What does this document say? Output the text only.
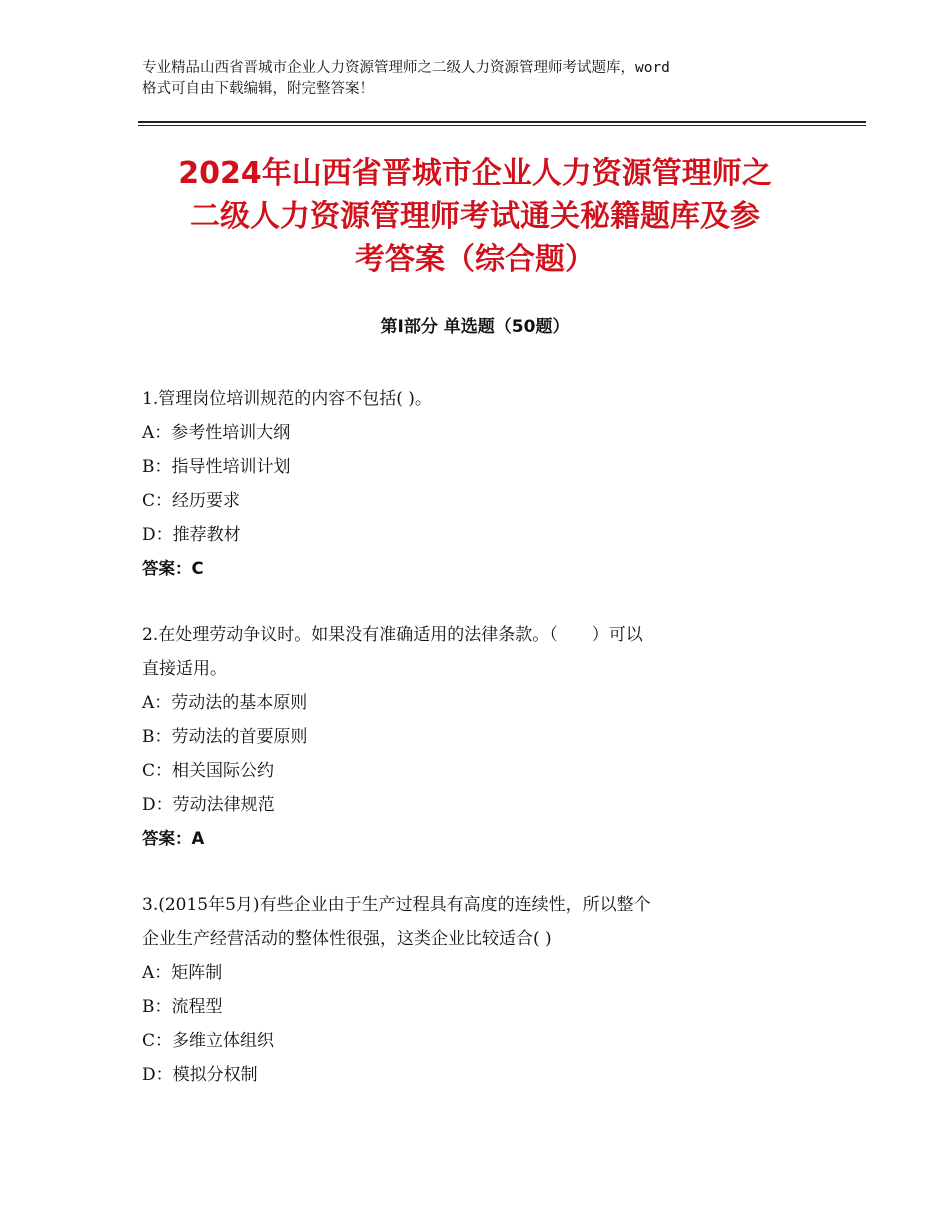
专业精品山西省晋城市企业人力资源管理师之二级人力资源管理师考试题库，word
格式可自由下载编辑，附完整答案！
2024年山西省晋城市企业人力资源管理师之
二级人力资源管理师考试通关秘籍题库及参
考答案（综合题）
第Ⅰ部分 单选题（50题）
1.管理岗位培训规范的内容不包括( )。
A：参考性培训大纲
B：指导性培训计划
C：经历要求
D：推荐教材
答案：C
2.在处理劳动争议时。如果没有准确适用的法律条款。（　　）可以
直接适用。
A：劳动法的基本原则
B：劳动法的首要原则
C：相关国际公约
D：劳动法律规范
答案：A
3.(2015年5月)有些企业由于生产过程具有高度的连续性，所以整个
企业生产经营活动的整体性很强，这类企业比较适合( )
A：矩阵制
B：流程型
C：多维立体组织
D：模拟分权制
